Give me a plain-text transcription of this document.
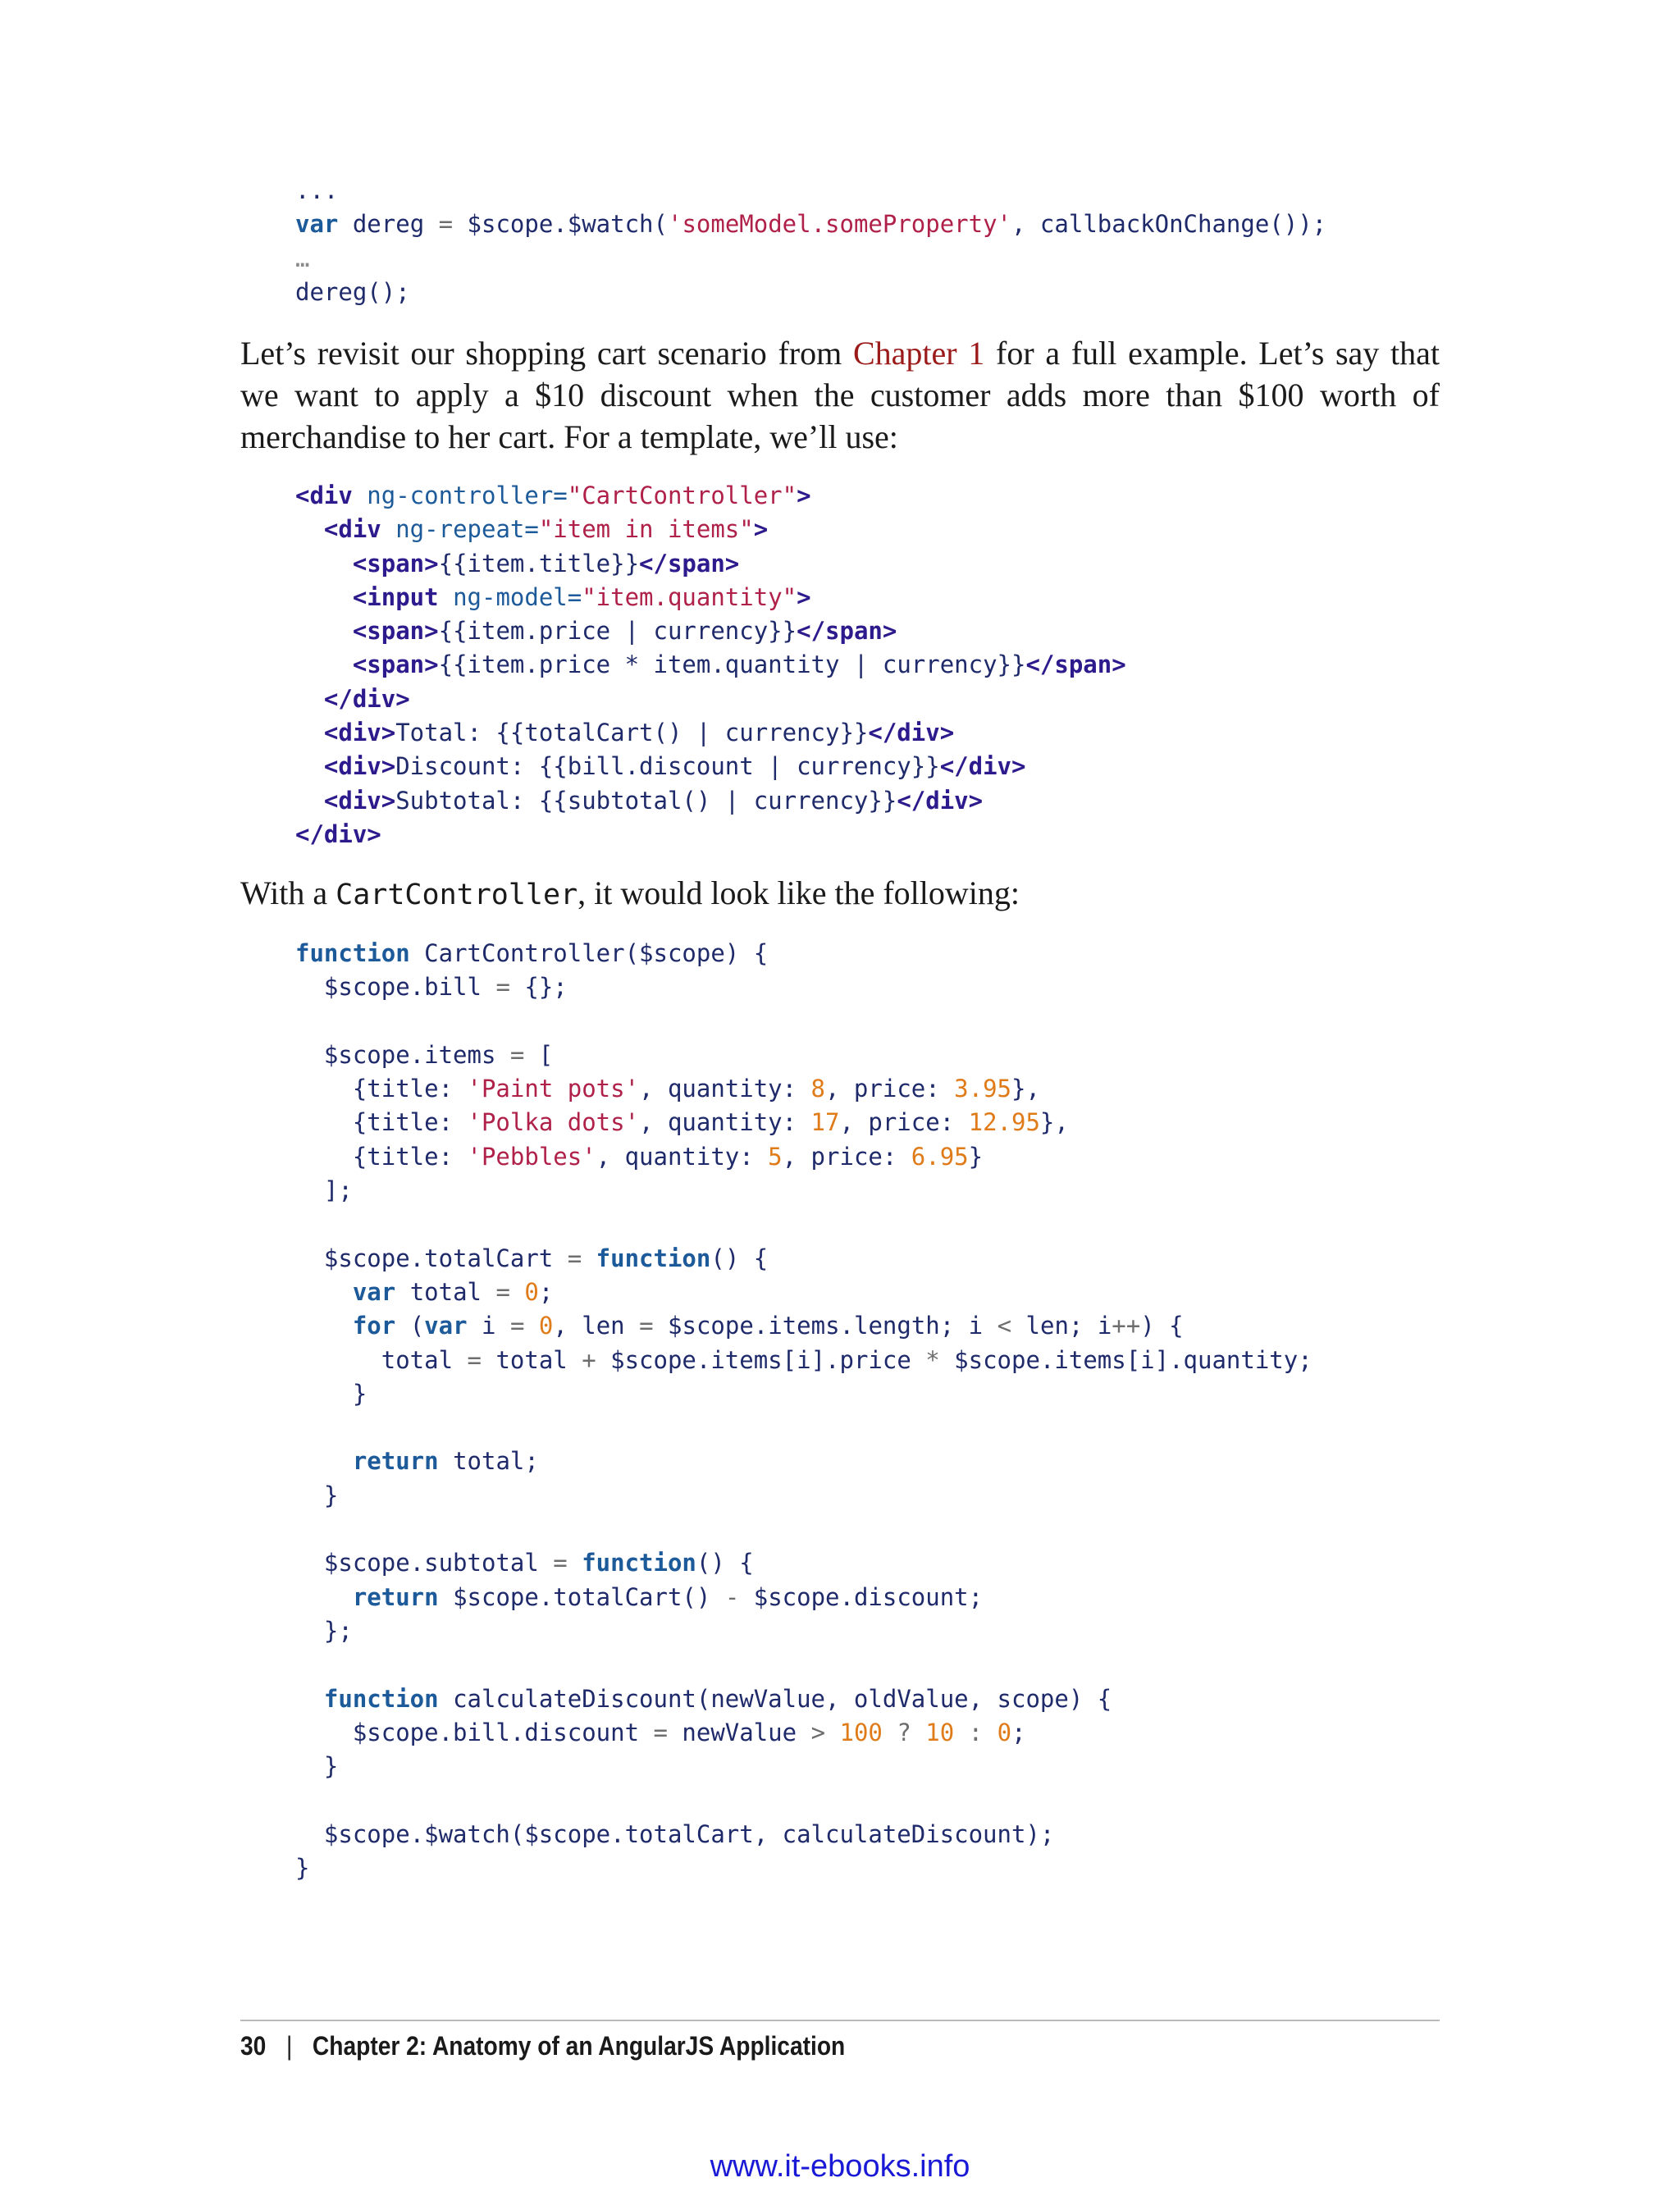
...
var dereg = $scope.$watch('someModel.someProperty', callbackOnChange());
…
dereg();

Let’s revisit our shopping cart scenario from Chapter 1 for a full example. Let’s say that we want to apply a $10 discount when the customer adds more than $100 worth of merchandise to her cart. For a template, we’ll use:

<div ng-controller="CartController">
<div ng-repeat="item in items">
<span>{{item.title}}</span>
<input ng-model="item.quantity">
<span>{{item.price | currency}}</span>
<span>{{item.price * item.quantity | currency}}</span>
</div>
<div>Total: {{totalCart() | currency}}</div>
<div>Discount: {{bill.discount | currency}}</div>
<div>Subtotal: {{subtotal() | currency}}</div>
</div>

With a CartController, it would look like the following:

function CartController($scope) {
$scope.bill = {};

$scope.items = [
{title: 'Paint pots', quantity: 8, price: 3.95},
{title: 'Polka dots', quantity: 17, price: 12.95},
{title: 'Pebbles', quantity: 5, price: 6.95}
];

$scope.totalCart = function() {
var total = 0;
for (var i = 0, len = $scope.items.length; i < len; i++) {
total = total + $scope.items[i].price * $scope.items[i].quantity;
}

return total;
}

$scope.subtotal = function() {
return $scope.totalCart() - $scope.discount;
};

function calculateDiscount(newValue, oldValue, scope) {
$scope.bill.discount = newValue > 100 ? 10 : 0;
}

$scope.$watch($scope.totalCart, calculateDiscount);
}
30 | Chapter 2: Anatomy of an AngularJS Application
www.it-ebooks.info
